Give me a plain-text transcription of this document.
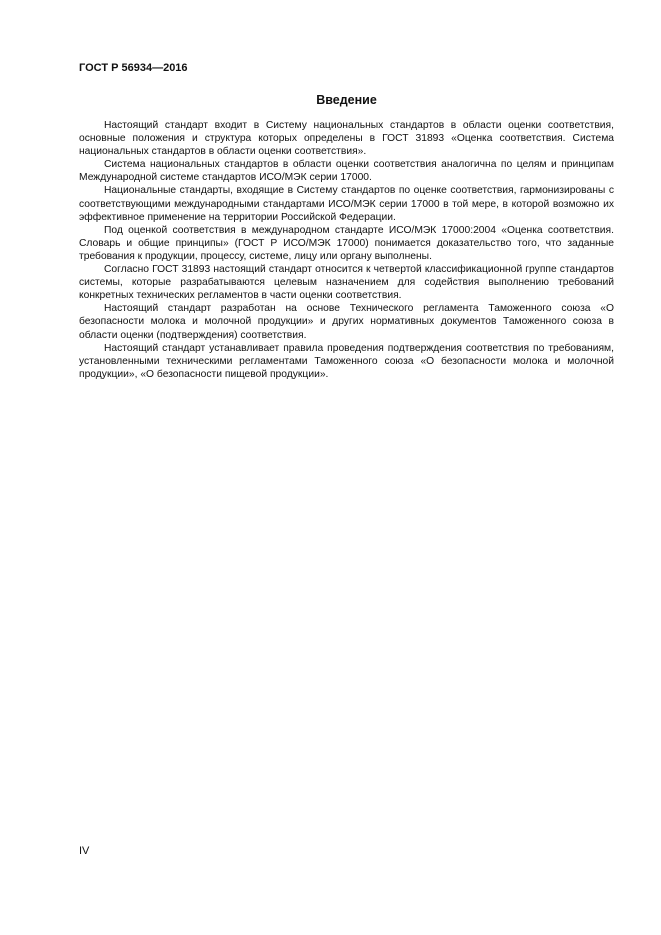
ГОСТ Р 56934—2016

Введение

Настоящий стандарт входит в Систему национальных стандартов в области оценки соответствия, основные положения и структура которых определены в ГОСТ 31893 «Оценка соответствия. Система национальных стандартов в области оценки соответствия».

Система национальных стандартов в области оценки соответствия аналогична по целям и принципам Международной системе стандартов ИСО/МЭК серии 17000.

Национальные стандарты, входящие в Систему стандартов по оценке соответствия, гармонизированы с соответствующими международными стандартами ИСО/МЭК серии 17000 в той мере, в которой возможно их эффективное применение на территории Российской Федерации.

Под оценкой соответствия в международном стандарте ИСО/МЭК 17000:2004 «Оценка соответствия. Словарь и общие принципы» (ГОСТ Р ИСО/МЭК 17000) понимается доказательство того, что заданные требования к продукции, процессу, системе, лицу или органу выполнены.

Согласно ГОСТ 31893 настоящий стандарт относится к четвертой классификационной группе стандартов системы, которые разрабатываются целевым назначением для содействия выполнению требований конкретных технических регламентов в части оценки соответствия.

Настоящий стандарт разработан на основе Технического регламента Таможенного союза «О безопасности молока и молочной продукции» и других нормативных документов Таможенного союза в области оценки (подтверждения) соответствия.

Настоящий стандарт устанавливает правила проведения подтверждения соответствия по требованиям, установленными техническими регламентами Таможенного союза «О безопасности молока и молочной продукции», «О безопасности пищевой продукции».

IV
